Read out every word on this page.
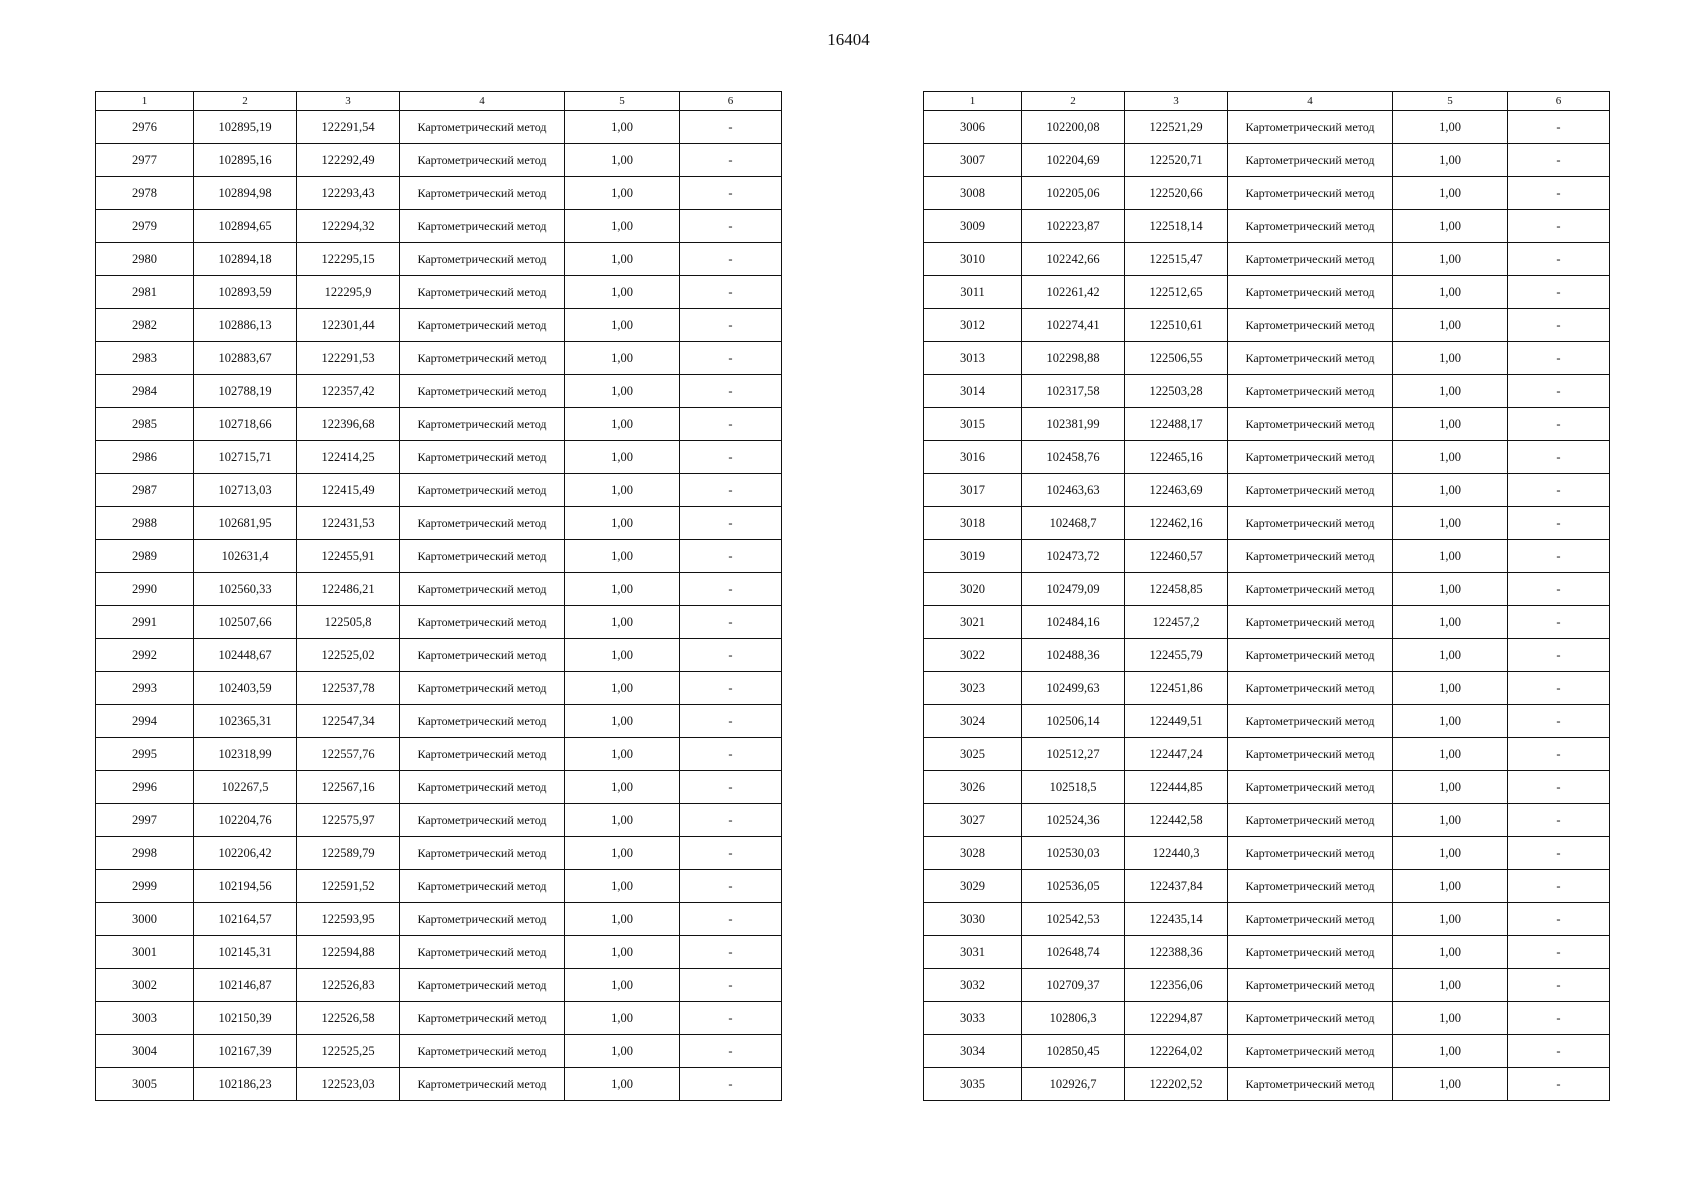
16404
1	2	3	4	5	6
2976	102895,19	122291,54	Картометрический метод	1,00	-
2977	102895,16	122292,49	Картометрический метод	1,00	-
2978	102894,98	122293,43	Картометрический метод	1,00	-
2979	102894,65	122294,32	Картометрический метод	1,00	-
2980	102894,18	122295,15	Картометрический метод	1,00	-
2981	102893,59	122295,9	Картометрический метод	1,00	-
2982	102886,13	122301,44	Картометрический метод	1,00	-
2983	102883,67	122291,53	Картометрический метод	1,00	-
2984	102788,19	122357,42	Картометрический метод	1,00	-
2985	102718,66	122396,68	Картометрический метод	1,00	-
2986	102715,71	122414,25	Картометрический метод	1,00	-
2987	102713,03	122415,49	Картометрический метод	1,00	-
2988	102681,95	122431,53	Картометрический метод	1,00	-
2989	102631,4	122455,91	Картометрический метод	1,00	-
2990	102560,33	122486,21	Картометрический метод	1,00	-
2991	102507,66	122505,8	Картометрический метод	1,00	-
2992	102448,67	122525,02	Картометрический метод	1,00	-
2993	102403,59	122537,78	Картометрический метод	1,00	-
2994	102365,31	122547,34	Картометрический метод	1,00	-
2995	102318,99	122557,76	Картометрический метод	1,00	-
2996	102267,5	122567,16	Картометрический метод	1,00	-
2997	102204,76	122575,97	Картометрический метод	1,00	-
2998	102206,42	122589,79	Картометрический метод	1,00	-
2999	102194,56	122591,52	Картометрический метод	1,00	-
3000	102164,57	122593,95	Картометрический метод	1,00	-
3001	102145,31	122594,88	Картометрический метод	1,00	-
3002	102146,87	122526,83	Картометрический метод	1,00	-
3003	102150,39	122526,58	Картометрический метод	1,00	-
3004	102167,39	122525,25	Картометрический метод	1,00	-
3005	102186,23	122523,03	Картометрический метод	1,00	-
1	2	3	4	5	6
3006	102200,08	122521,29	Картометрический метод	1,00	-
3007	102204,69	122520,71	Картометрический метод	1,00	-
3008	102205,06	122520,66	Картометрический метод	1,00	-
3009	102223,87	122518,14	Картометрический метод	1,00	-
3010	102242,66	122515,47	Картометрический метод	1,00	-
3011	102261,42	122512,65	Картометрический метод	1,00	-
3012	102274,41	122510,61	Картометрический метод	1,00	-
3013	102298,88	122506,55	Картометрический метод	1,00	-
3014	102317,58	122503,28	Картометрический метод	1,00	-
3015	102381,99	122488,17	Картометрический метод	1,00	-
3016	102458,76	122465,16	Картометрический метод	1,00	-
3017	102463,63	122463,69	Картометрический метод	1,00	-
3018	102468,7	122462,16	Картометрический метод	1,00	-
3019	102473,72	122460,57	Картометрический метод	1,00	-
3020	102479,09	122458,85	Картометрический метод	1,00	-
3021	102484,16	122457,2	Картометрический метод	1,00	-
3022	102488,36	122455,79	Картометрический метод	1,00	-
3023	102499,63	122451,86	Картометрический метод	1,00	-
3024	102506,14	122449,51	Картометрический метод	1,00	-
3025	102512,27	122447,24	Картометрический метод	1,00	-
3026	102518,5	122444,85	Картометрический метод	1,00	-
3027	102524,36	122442,58	Картометрический метод	1,00	-
3028	102530,03	122440,3	Картометрический метод	1,00	-
3029	102536,05	122437,84	Картометрический метод	1,00	-
3030	102542,53	122435,14	Картометрический метод	1,00	-
3031	102648,74	122388,36	Картометрический метод	1,00	-
3032	102709,37	122356,06	Картометрический метод	1,00	-
3033	102806,3	122294,87	Картометрический метод	1,00	-
3034	102850,45	122264,02	Картометрический метод	1,00	-
3035	102926,7	122202,52	Картометрический метод	1,00	-
